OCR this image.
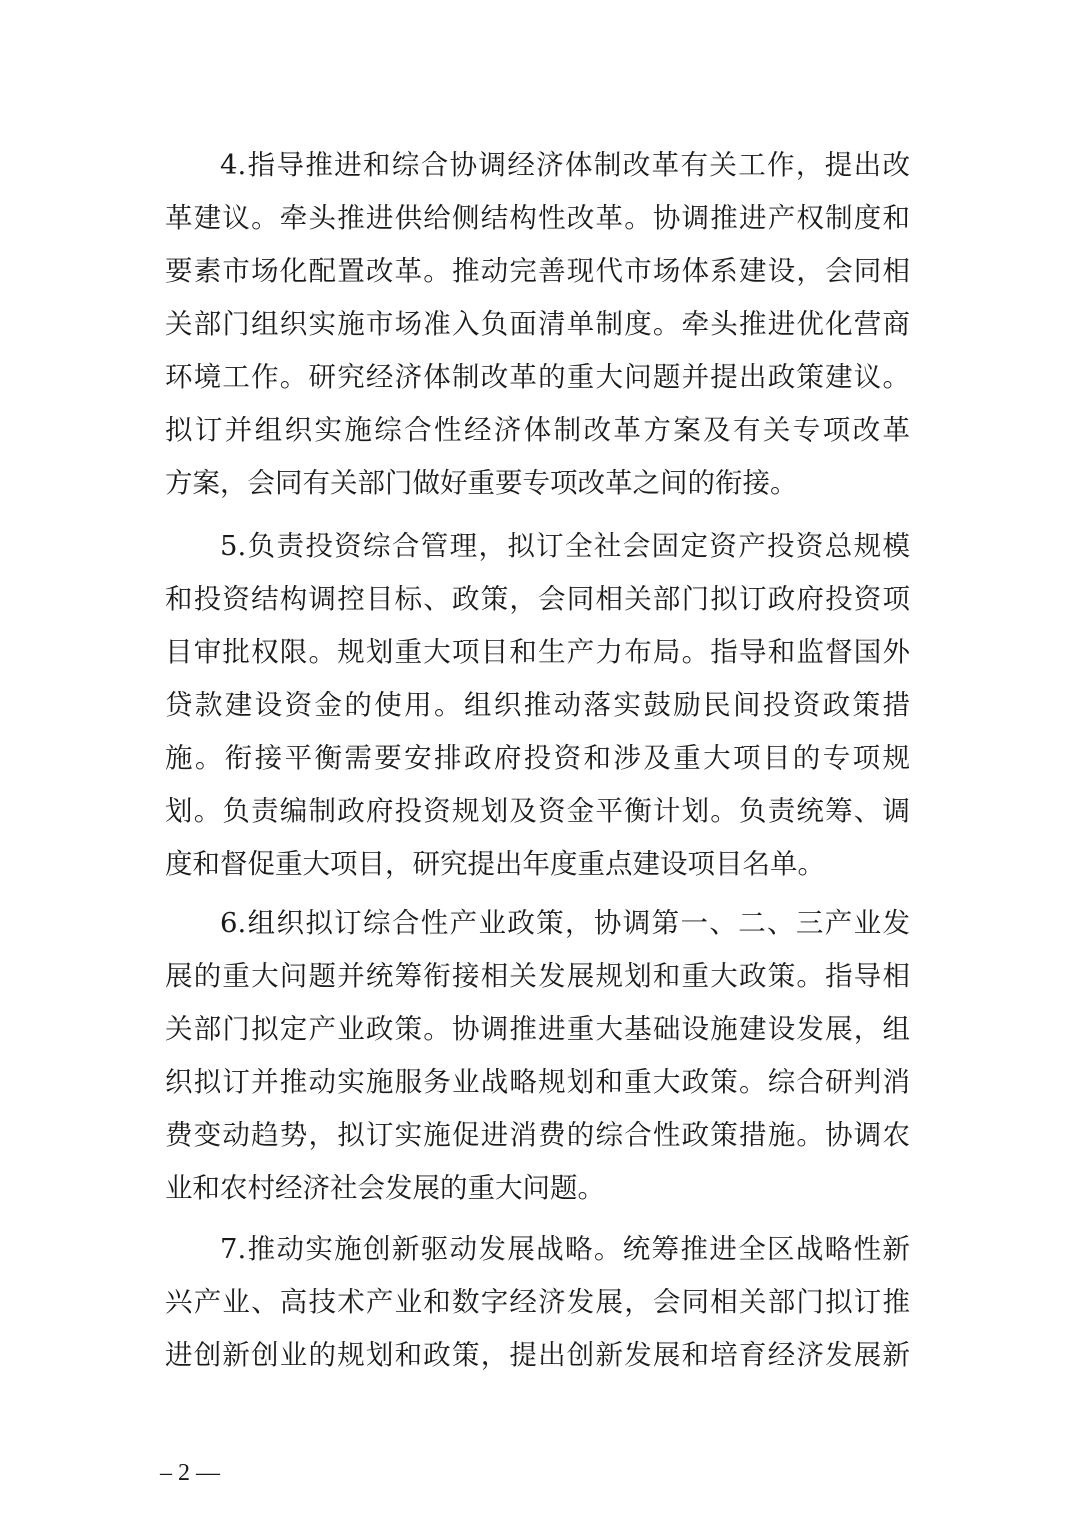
4.指导推进和综合协调经济体制改革有关工作，提出改
革建议。牵头推进供给侧结构性改革。协调推进产权制度和
要素市场化配置改革。推动完善现代市场体系建设，会同相
关部门组织实施市场准入负面清单制度。牵头推进优化营商
环境工作。研究经济体制改革的重大问题并提出政策建议。
拟订并组织实施综合性经济体制改革方案及有关专项改革
方案，会同有关部门做好重要专项改革之间的衔接。
5.负责投资综合管理，拟订全社会固定资产投资总规模
和投资结构调控目标、政策，会同相关部门拟订政府投资项
目审批权限。规划重大项目和生产力布局。指导和监督国外
贷款建设资金的使用。组织推动落实鼓励民间投资政策措
施。衔接平衡需要安排政府投资和涉及重大项目的专项规
划。负责编制政府投资规划及资金平衡计划。负责统筹、调
度和督促重大项目，研究提出年度重点建设项目名单。
6.组织拟订综合性产业政策，协调第一、二、三产业发
展的重大问题并统筹衔接相关发展规划和重大政策。指导相
关部门拟定产业政策。协调推进重大基础设施建设发展，组
织拟订并推动实施服务业战略规划和重大政策。综合研判消
费变动趋势，拟订实施促进消费的综合性政策措施。协调农
业和农村经济社会发展的重大问题。
7.推动实施创新驱动发展战略。统筹推进全区战略性新
兴产业、高技术产业和数字经济发展，会同相关部门拟订推
进创新创业的规划和政策，提出创新发展和培育经济发展新
– 2 —
